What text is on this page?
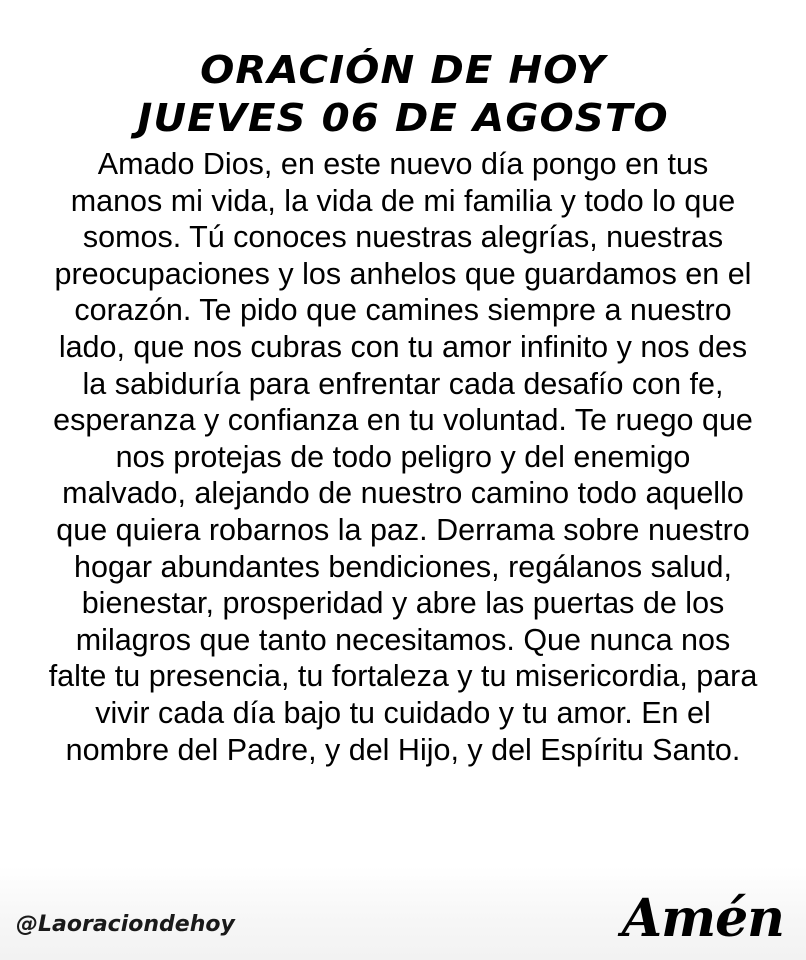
ORACIÓN DE HOY
JUEVES 06 DE AGOSTO
Amado Dios, en este nuevo día pongo en tus
manos mi vida, la vida de mi familia y todo lo que
somos. Tú conoces nuestras alegrías, nuestras
preocupaciones y los anhelos que guardamos en el
corazón. Te pido que camines siempre a nuestro
lado, que nos cubras con tu amor infinito y nos des
la sabiduría para enfrentar cada desafío con fe,
esperanza y confianza en tu voluntad. Te ruego que
nos protejas de todo peligro y del enemigo
malvado, alejando de nuestro camino todo aquello
que quiera robarnos la paz. Derrama sobre nuestro
hogar abundantes bendiciones, regálanos salud,
bienestar, prosperidad y abre las puertas de los
milagros que tanto necesitamos. Que nunca nos
falte tu presencia, tu fortaleza y tu misericordia, para
vivir cada día bajo tu cuidado y tu amor. En el
nombre del Padre, y del Hijo, y del Espíritu Santo.
@Laoraciondehoy	Amén
